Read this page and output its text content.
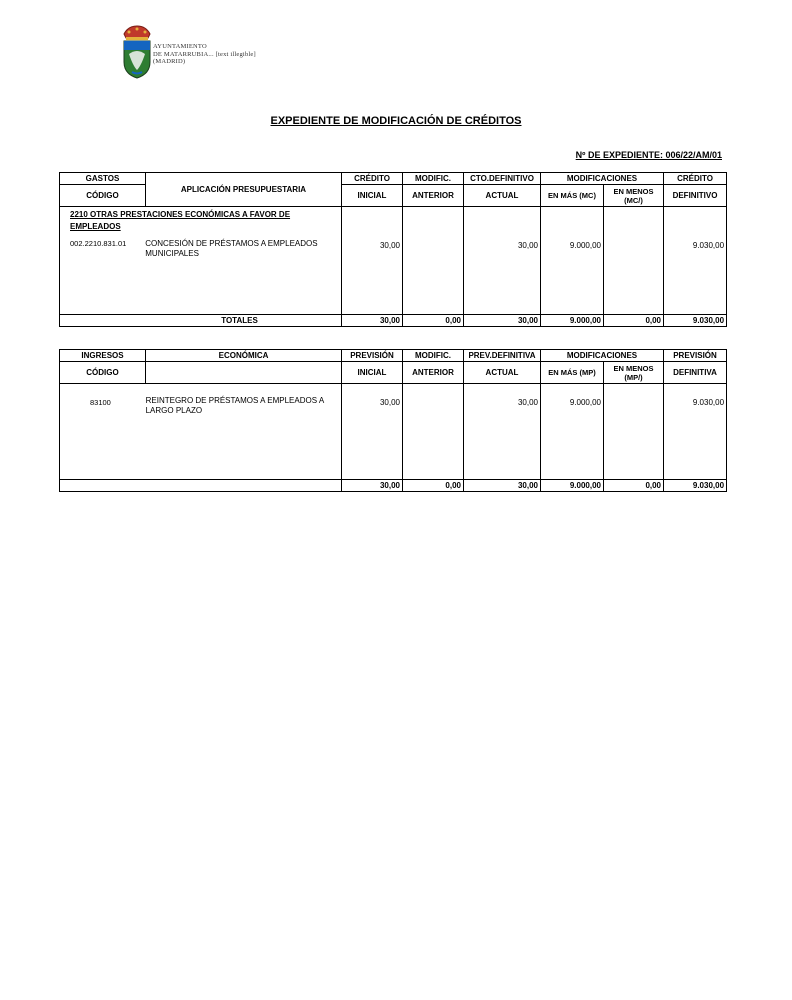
AYUNTAMIENTO
DE MATARRUBIA... [text illegible]
(MADRID)
EXPEDIENTE DE MODIFICACIÓN DE CRÉDITOS
Nº DE EXPEDIENTE: 006/22/AM/01
GASTOS	APLICACIÓN PRESUPUESTARIA	CRÉDITO	MODIFIC.	CTO.DEFINITIVO	MODIFICACIONES		CRÉDITO
CÓDIGO		INICIAL	ANTERIOR	ACTUAL	EN MÁS (MC)	EN MENOS (MC/)	DEFINITIVO

2210 OTRAS PRESTACIONES ECONÓMICAS A FAVOR DE EMPLEADOS
002.2210.831.01 CONCESIÓN DE PRÉSTAMOS A EMPLEADOS MUNICIPALES		30,00		30,00	9.000,00		9.030,00
TOTALES		30,00	0,00	30,00	9.000,00	0,00	9.030,00
INGRESOS	ECONÓMICA	PREVISIÓN	MODIFIC.	PREV.DEFINITIVA	MODIFICACIONES		PREVISIÓN
CÓDIGO		INICIAL	ANTERIOR	ACTUAL	EN MÁS (MP)	EN MENOS (MP/)	DEFINITIVA

83100 REINTEGRO DE PRÉSTAMOS A EMPLEADOS A LARGO PLAZO		30,00		30,00	9.000,00		9.030,00
		30,00	0,00	30,00	9.000,00	0,00	9.030,00
